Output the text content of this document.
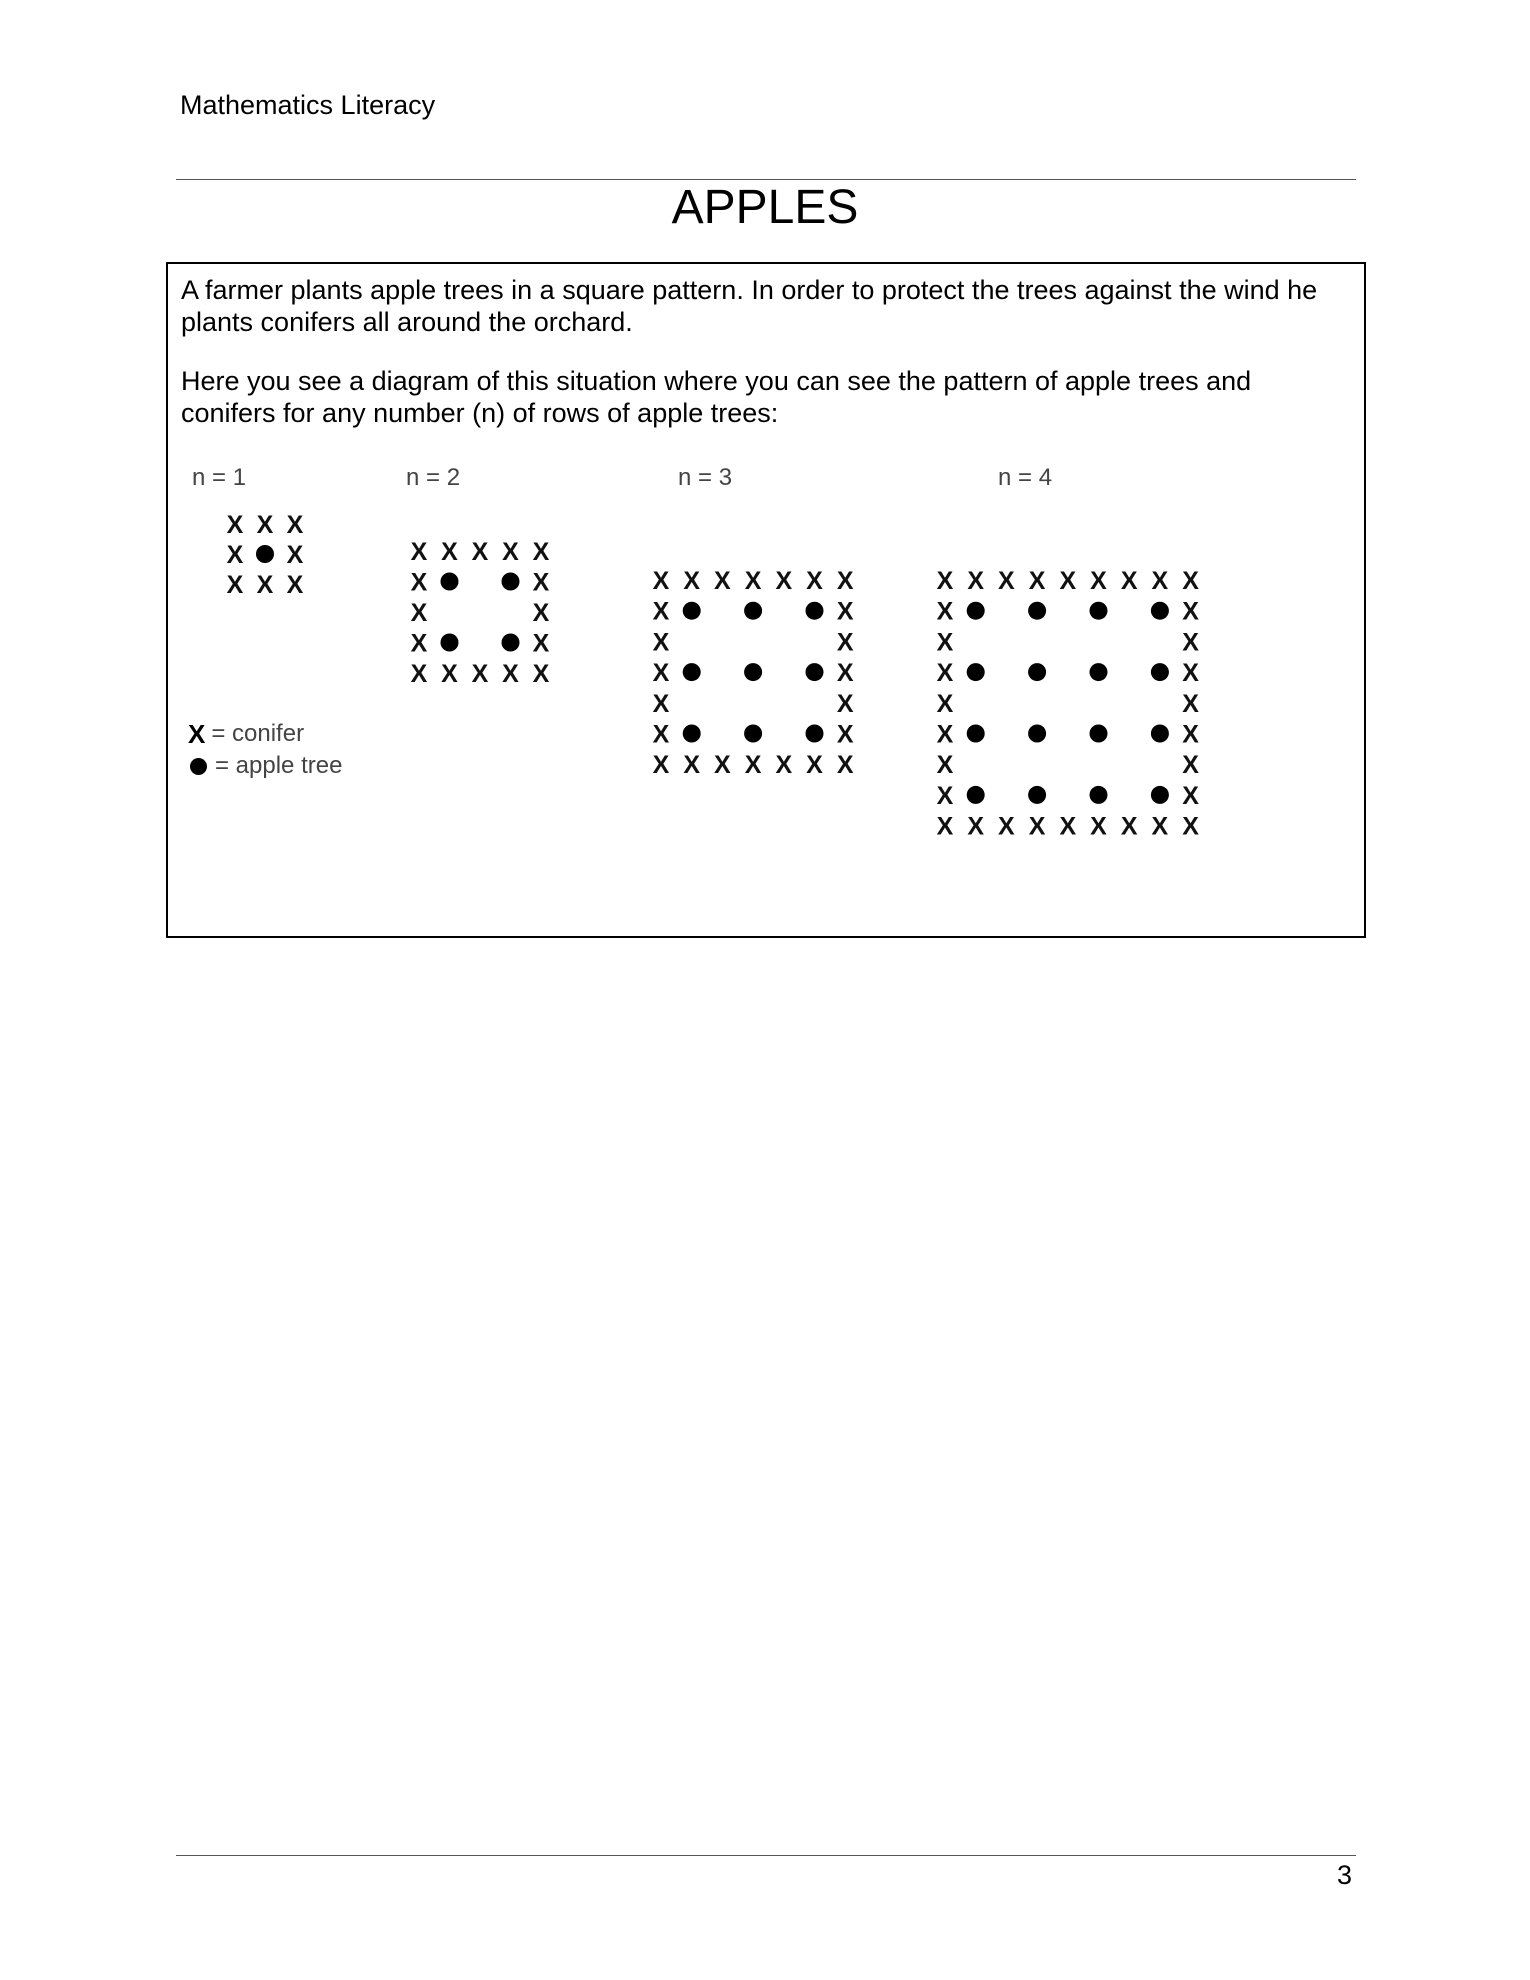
Mathematics Literacy
APPLES

A farmer plants apple trees in a square pattern. In order to protect the trees against the wind he plants conifers all around the orchard.

Here you see a diagram of this situation where you can see the pattern of apple trees and conifers for any number (n) of rows of apple trees:

n = 1	n = 2	n = 3	n = 4
X X X
X X
X X X
X X X X X
X	X
X	X
X	X
X X X X X
X X X X X X X
X	X
X	X
X	X
X	X
X	X
X X X X X X X
X X X X X X X X X
X	X
X	X
X	X
X	X
X	X
X	X
X	X
X X X X X X X X X
X = conifer
= apple tree
3
